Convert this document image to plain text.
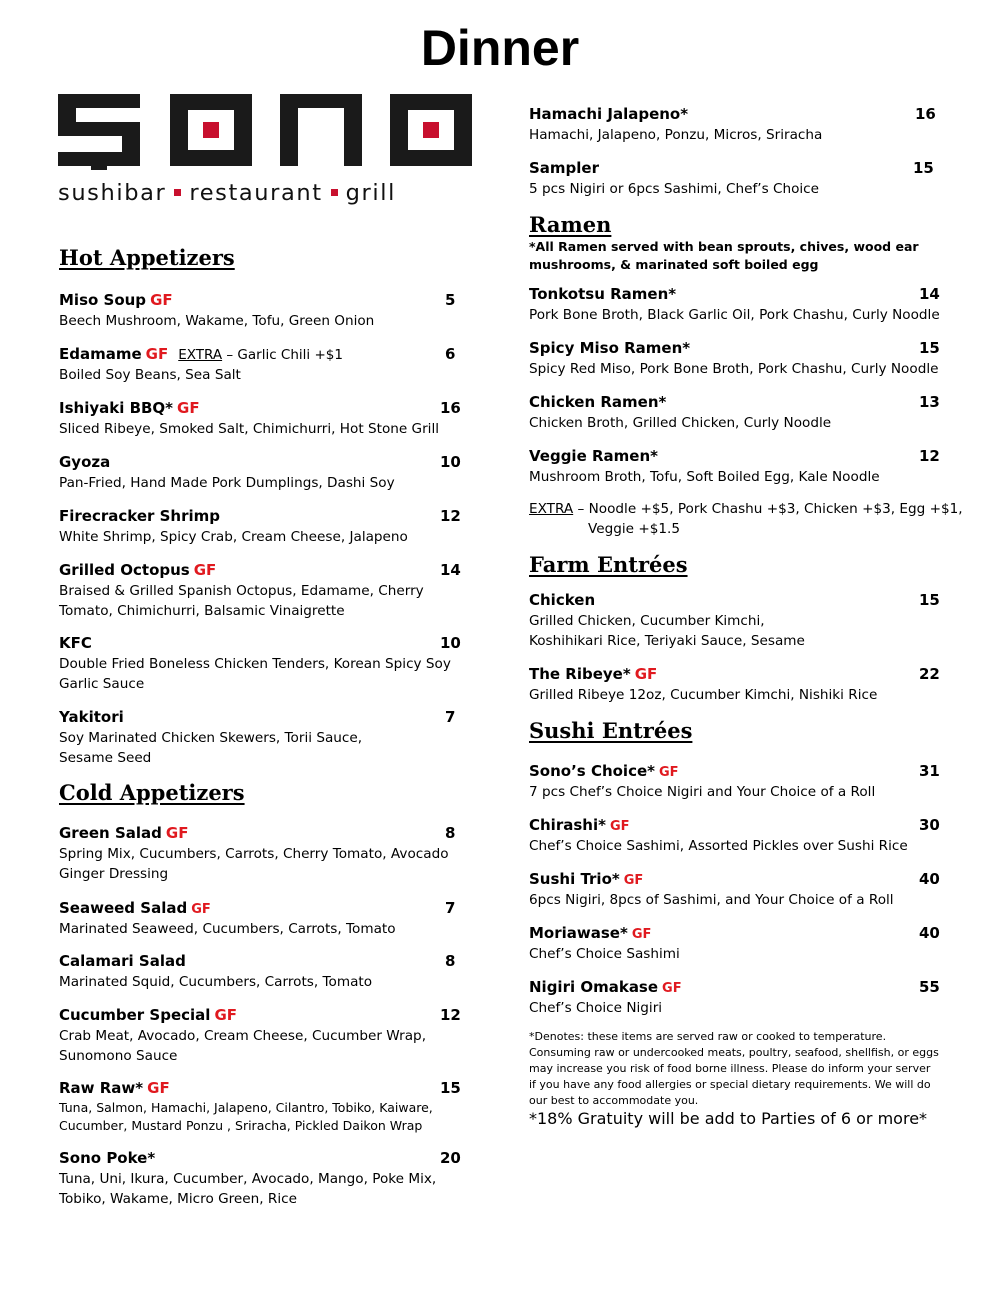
Dinner
sushibar restaurant grill
Hot Appetizers
Miso Soup GF	5
Beech Mushroom, Wakame, Tofu, Green Onion
Edamame GF EXTRA – Garlic Chili +$1	6
Boiled Soy Beans, Sea Salt
Ishiyaki BBQ* GF	16
Sliced Ribeye, Smoked Salt, Chimichurri, Hot Stone Grill
Gyoza	10
Pan-Fried, Hand Made Pork Dumplings, Dashi Soy
Firecracker Shrimp	12
White Shrimp, Spicy Crab, Cream Cheese, Jalapeno
Grilled Octopus GF	14
Braised & Grilled Spanish Octopus, Edamame, Cherry
Tomato, Chimichurri, Balsamic Vinaigrette
KFC	10
Double Fried Boneless Chicken Tenders, Korean Spicy Soy
Garlic Sauce
Yakitori	7
Soy Marinated Chicken Skewers, Torii Sauce,
Sesame Seed
Cold Appetizers
Green Salad GF	8
Spring Mix, Cucumbers, Carrots, Cherry Tomato, Avocado
Ginger Dressing
Seaweed Salad GF	7
Marinated Seaweed, Cucumbers, Carrots, Tomato
Calamari Salad	8
Marinated Squid, Cucumbers, Carrots, Tomato
Cucumber Special GF	12
Crab Meat, Avocado, Cream Cheese, Cucumber Wrap,
Sunomono Sauce
Raw Raw* GF	15
Tuna, Salmon, Hamachi, Jalapeno, Cilantro, Tobiko, Kaiware,
Cucumber, Mustard Ponzu , Sriracha, Pickled Daikon Wrap
Sono Poke*	20
Tuna, Uni, Ikura, Cucumber, Avocado, Mango, Poke Mix,
Tobiko, Wakame, Micro Green, Rice
Hamachi Jalapeno*	16
Hamachi, Jalapeno, Ponzu, Micros, Sriracha
Sampler	15
5 pcs Nigiri or 6pcs Sashimi, Chef’s Choice
Ramen
*All Ramen served with bean sprouts, chives, wood ear mushrooms, & marinated soft boiled egg
Tonkotsu Ramen*	14
Pork Bone Broth, Black Garlic Oil, Pork Chashu, Curly Noodle
Spicy Miso Ramen*	15
Spicy Red Miso, Pork Bone Broth, Pork Chashu, Curly Noodle
Chicken Ramen*	13
Chicken Broth, Grilled Chicken, Curly Noodle
Veggie Ramen*	12
Mushroom Broth, Tofu, Soft Boiled Egg, Kale Noodle
EXTRA – Noodle +$5, Pork Chashu +$3, Chicken +$3, Egg +$1,
Veggie +$1.5
Farm Entrées
Chicken	15
Grilled Chicken, Cucumber Kimchi,
Koshihikari Rice, Teriyaki Sauce, Sesame
The Ribeye* GF	22
Grilled Ribeye 12oz, Cucumber Kimchi, Nishiki Rice
Sushi Entrées
Sono’s Choice* GF	31
7 pcs Chef’s Choice Nigiri and Your Choice of a Roll
Chirashi* GF	30
Chef’s Choice Sashimi, Assorted Pickles over Sushi Rice
Sushi Trio* GF	40
6pcs Nigiri, 8pcs of Sashimi, and Your Choice of a Roll
Moriawase* GF	40
Chef’s Choice Sashimi
Nigiri Omakase GF	55
Chef’s Choice Nigiri
*Denotes: these items are served raw or cooked to temperature. Consuming raw or undercooked meats, poultry, seafood, shellfish, or eggs may increase you risk of food borne illness. Please do inform your server if you have any food allergies or special dietary requirements. We will do our best to accommodate you.
*18% Gratuity will be add to Parties of 6 or more*
